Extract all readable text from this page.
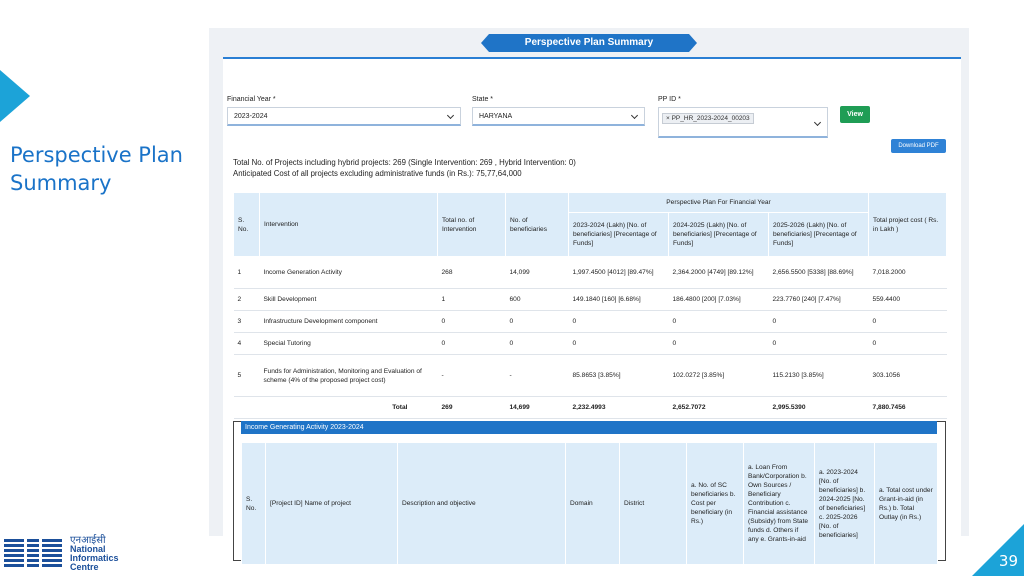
Perspective Plan Summary
39
एनआईसी
National
Informatics
Centre
Perspective Plan Summary
Financial Year *
2023-2024
State *
HARYANA
PP ID *
× PP_HR_2023-2024_00203
View
Download PDF
Total No. of Projects including hybrid projects: 269 (Single Intervention: 269 , Hybrid Intervention: 0)
Anticipated Cost of all projects excluding administrative funds (in Rs.): 75,77,64,000
S. No.	Intervention	Total no. of Intervention	No. of beneficiaries	Perspective Plan For Financial Year			Total project cost ( Rs. in Lakh )
				2023-2024 (Lakh) [No. of beneficiaries] [Precentage of Funds]	2024-2025 (Lakh) [No. of beneficiaries] [Precentage of Funds]	2025-2026 (Lakh) [No. of beneficiaries] [Precentage of Funds]	
1	Income Generation Activity	268	14,099	1,997.4500 [4012] [89.47%]	2,364.2000 [4749] [89.12%]	2,656.5500 [5338] [88.69%]	7,018.2000
2	Skill Development	1	600	149.1840 [160] [6.68%]	186.4800 [200] [7.03%]	223.7760 [240] [7.47%]	559.4400
3	Infrastructure Development component	0	0	0	0	0	0
4	Special Tutoring	0	0	0	0	0	0
5	Funds for Administration, Monitoring and Evaluation of scheme (4% of the proposed project cost)	-	-	85.8653 [3.85%]	102.0272 [3.85%]	115.2130 [3.85%]	303.1056
	Total	269	14,699	2,232.4993	2,652.7072	2,995.5390	7,880.7456
Income Generating Activity 2023-2024
S. No.	[Project ID] Name of project	Description and objective	Domain	District	a. No. of SC beneficiaries b. Cost per beneficiary (in Rs.)	a. Loan From Bank/Corporation b. Own Sources / Beneficiary Contribution c. Financial assistance (Subsidy) from State funds d. Others if any e. Grants-in-aid	a. 2023-2024 [No. of beneficiaries] b. 2024-2025 [No. of beneficiaries] c. 2025-2026 [No. of beneficiaries]	a. Total cost under Grant-in-aid (in Rs.) b. Total Outlay (in Rs.)
